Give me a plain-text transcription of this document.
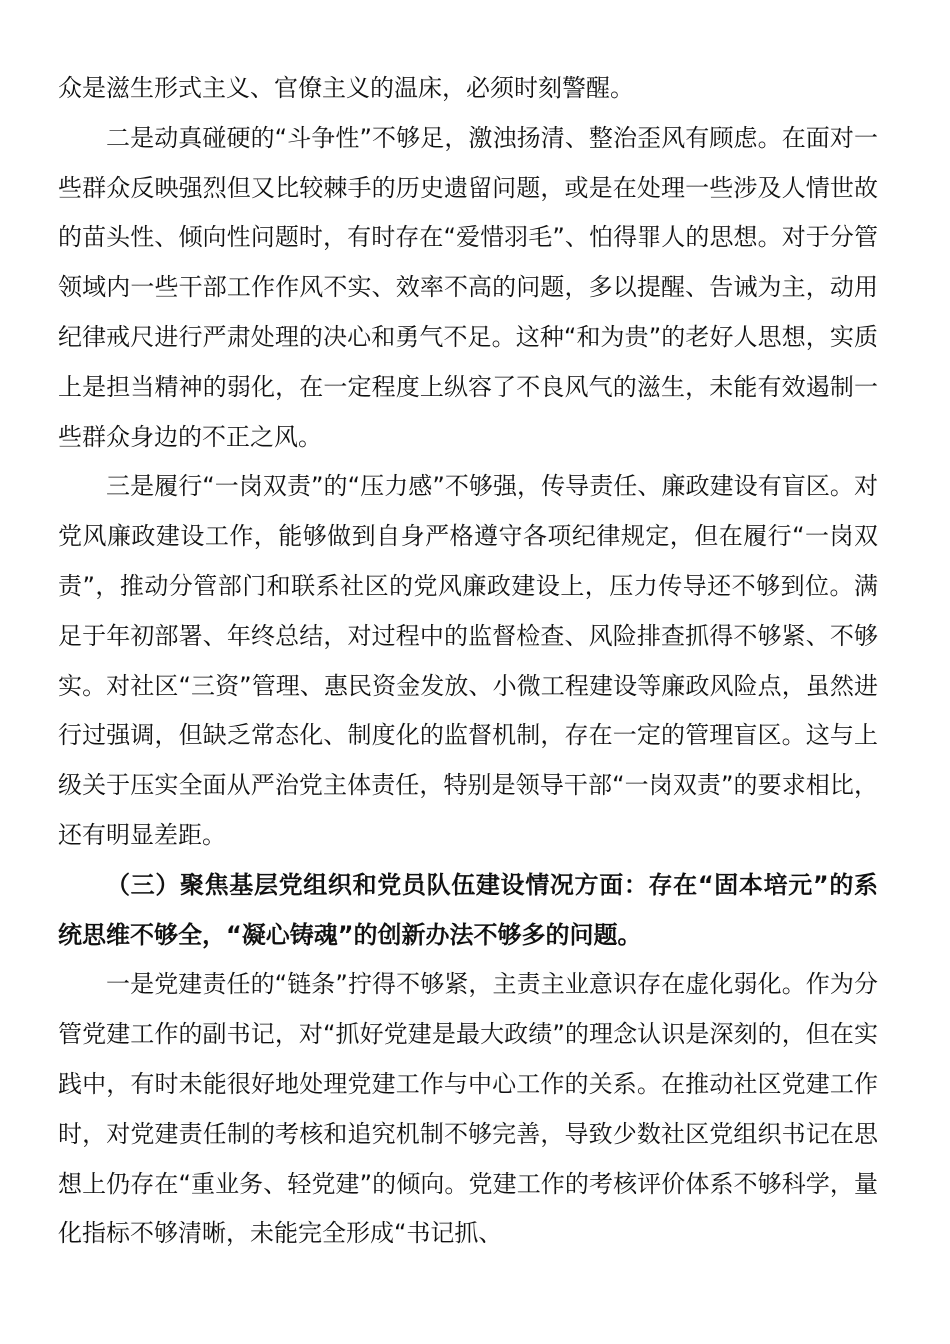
众是滋生形式主义、官僚主义的温床，必须时刻警醒。

二是动真碰硬的“斗争性”不够足，激浊扬清、整治歪风有顾虑。在面对一些群众反映强烈但又比较棘手的历史遗留问题，或是在处理一些涉及人情世故的苗头性、倾向性问题时，有时存在“爱惜羽毛”、怕得罪人的思想。对于分管领域内一些干部工作作风不实、效率不高的问题，多以提醒、告诫为主，动用纪律戒尺进行严肃处理的决心和勇气不足。这种“和为贵”的老好人思想，实质上是担当精神的弱化，在一定程度上纵容了不良风气的滋生，未能有效遏制一些群众身边的不正之风。

三是履行“一岗双责”的“压力感”不够强，传导责任、廉政建设有盲区。对党风廉政建设工作，能够做到自身严格遵守各项纪律规定，但在履行“一岗双责”，推动分管部门和联系社区的党风廉政建设上，压力传导还不够到位。满足于年初部署、年终总结，对过程中的监督检查、风险排查抓得不够紧、不够实。对社区“三资”管理、惠民资金发放、小微工程建设等廉政风险点，虽然进行过强调，但缺乏常态化、制度化的监督机制，存在一定的管理盲区。这与上级关于压实全面从严治党主体责任，特别是领导干部“一岗双责”的要求相比，还有明显差距。

（三）聚焦基层党组织和党员队伍建设情况方面：存在“固本培元”的系统思维不够全，“凝心铸魂”的创新办法不够多的问题。

一是党建责任的“链条”拧得不够紧，主责主业意识存在虚化弱化。作为分管党建工作的副书记，对“抓好党建是最大政绩”的理念认识是深刻的，但在实践中，有时未能很好地处理党建工作与中心工作的关系。在推动社区党建工作时，对党建责任制的考核和追究机制不够完善，导致少数社区党组织书记在思想上仍存在“重业务、轻党建”的倾向。党建工作的考核评价体系不够科学，量化指标不够清晰，未能完全形成“书记抓、
